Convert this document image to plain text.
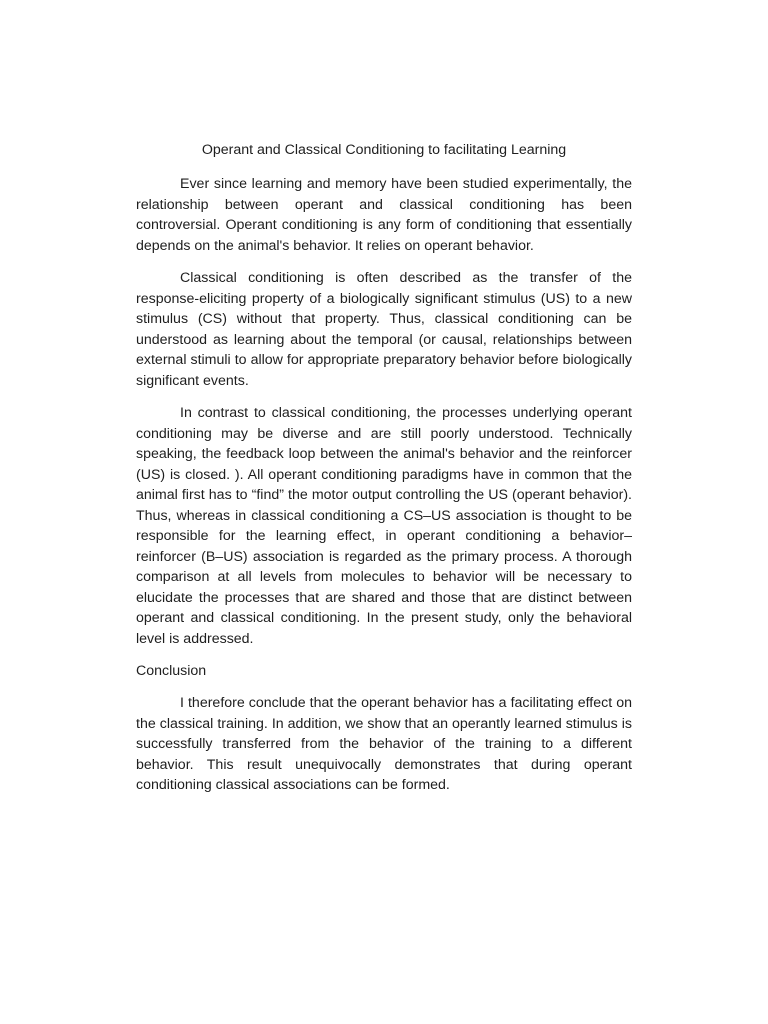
Operant and Classical Conditioning to facilitating Learning

Ever since learning and memory have been studied experimentally, the relationship between operant and classical conditioning has been controversial. Operant conditioning is any form of conditioning that essentially depends on the animal's behavior. It relies on operant behavior.

Classical conditioning is often described as the transfer of the response-eliciting property of a biologically significant stimulus (US) to a new stimulus (CS) without that property. Thus, classical conditioning can be understood as learning about the temporal (or causal, relationships between external stimuli to allow for appropriate preparatory behavior before biologically significant events.

In contrast to classical conditioning, the processes underlying operant conditioning may be diverse and are still poorly understood. Technically speaking, the feedback loop between the animal's behavior and the reinforcer (US) is closed. ). All operant conditioning paradigms have in common that the animal first has to “find” the motor output controlling the US (operant behavior). Thus, whereas in classical conditioning a CS–US association is thought to be responsible for the learning effect, in operant conditioning a behavior–reinforcer (B–US) association is regarded as the primary process. A thorough comparison at all levels from molecules to behavior will be necessary to elucidate the processes that are shared and those that are distinct between operant and classical conditioning. In the present study, only the behavioral level is addressed.

Conclusion

I therefore conclude that the operant behavior has a facilitating effect on the classical training. In addition, we show that an operantly learned stimulus is successfully transferred from the behavior of the training to a different behavior. This result unequivocally demonstrates that during operant conditioning classical associations can be formed.
